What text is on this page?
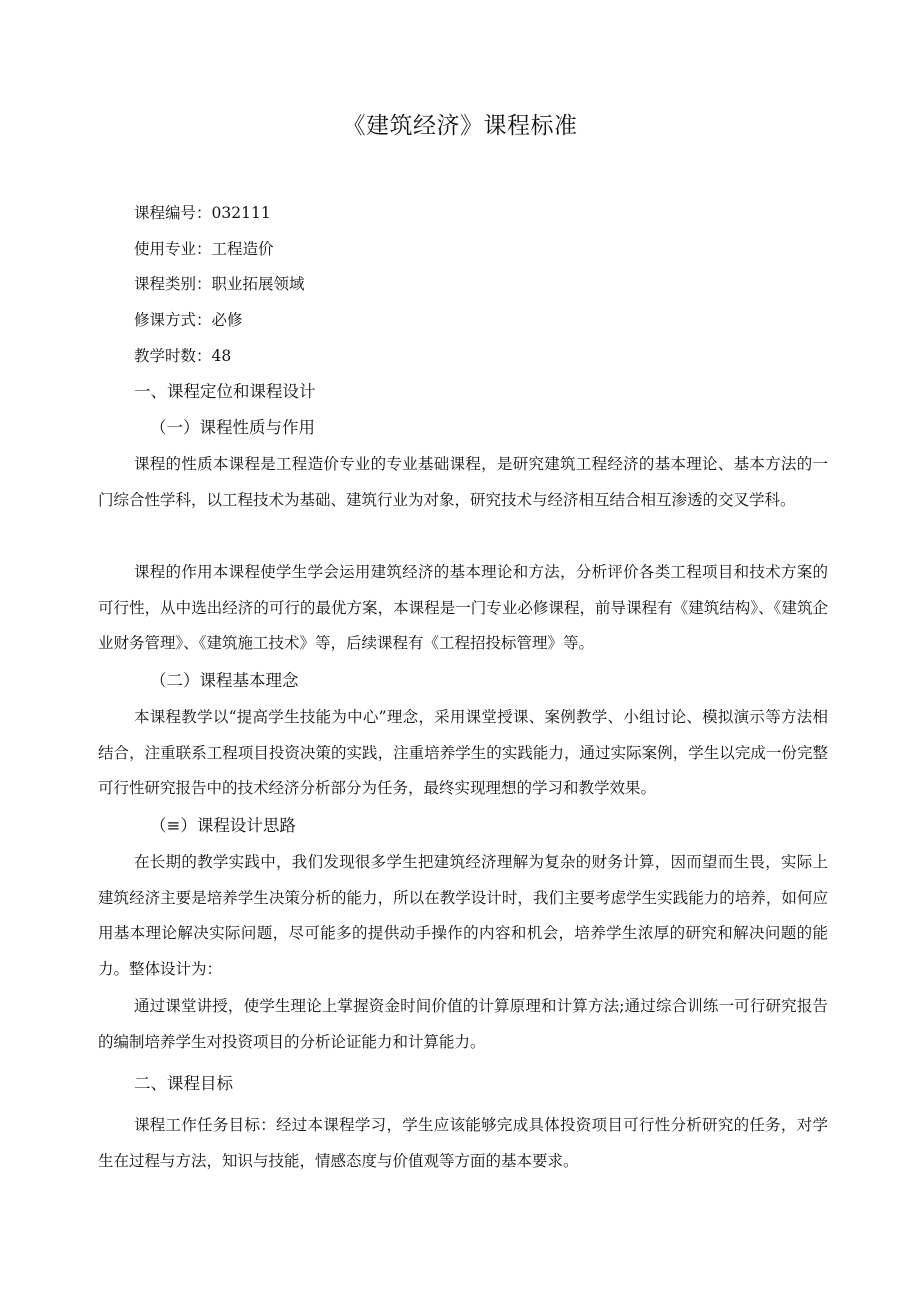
《建筑经济》课程标准

课程编号：032111

使用专业：工程造价

课程类别：职业拓展领域

修课方式：必修

教学时数：48

一、课程定位和课程设计
（一）课程性质与作用

课程的性质本课程是工程造价专业的专业基础课程，是研究建筑工程经济的基本理论、基本方法的一门综合性学科，以工程技术为基础、建筑行业为对象，研究技术与经济相互结合相互渗透的交叉学科。

课程的作用本课程使学生学会运用建筑经济的基本理论和方法，分析评价各类工程项目和技术方案的可行性，从中选出经济的可行的最优方案，本课程是一门专业必修课程，前导课程有《建筑结构》、《建筑企业财务管理》、《建筑施工技术》等，后续课程有《工程招投标管理》等。

（二）课程基本理念

本课程教学以“提高学生技能为中心”理念，采用课堂授课、案例教学、小组讨论、模拟演示等方法相结合，注重联系工程项目投资决策的实践，注重培养学生的实践能力，通过实际案例，学生以完成一份完整可行性研究报告中的技术经济分析部分为任务，最终实现理想的学习和教学效果。

（≡）课程设计思路

在长期的教学实践中，我们发现很多学生把建筑经济理解为复杂的财务计算，因而望而生畏，实际上建筑经济主要是培养学生决策分析的能力，所以在教学设计时，我们主要考虑学生实践能力的培养，如何应用基本理论解决实际问题，尽可能多的提供动手操作的内容和机会，培养学生浓厚的研究和解决问题的能力。整体设计为：

通过课堂讲授，使学生理论上掌握资金时间价值的计算原理和计算方法;通过综合训练一可行研究报告的编制培养学生对投资项目的分析论证能力和计算能力。

二、课程目标

课程工作任务目标：经过本课程学习，学生应该能够完成具体投资项目可行性分析研究的任务，对学生在过程与方法，知识与技能，情感态度与价值观等方面的基本要求。
